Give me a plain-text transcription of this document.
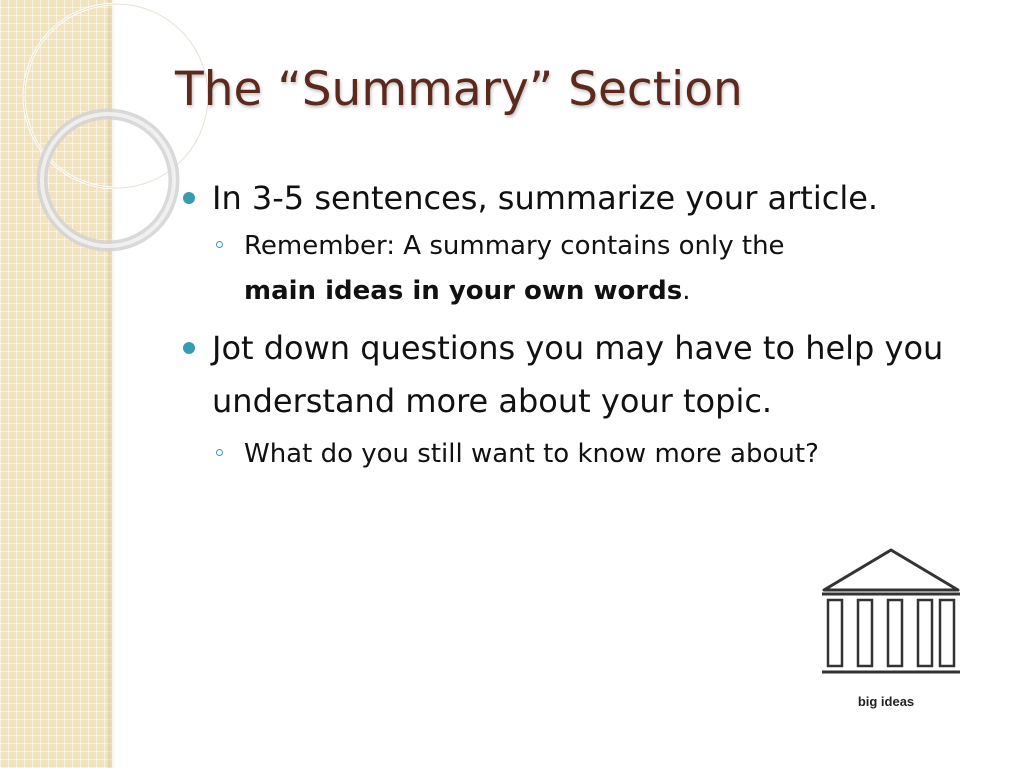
The “Summary” Section
In 3-5 sentences, summarize your article.
Remember: A summary contains only the
main ideas in your own words.
Jot down questions you may have to help you understand more about your topic.
What do you still want to know more about?
big ideas
